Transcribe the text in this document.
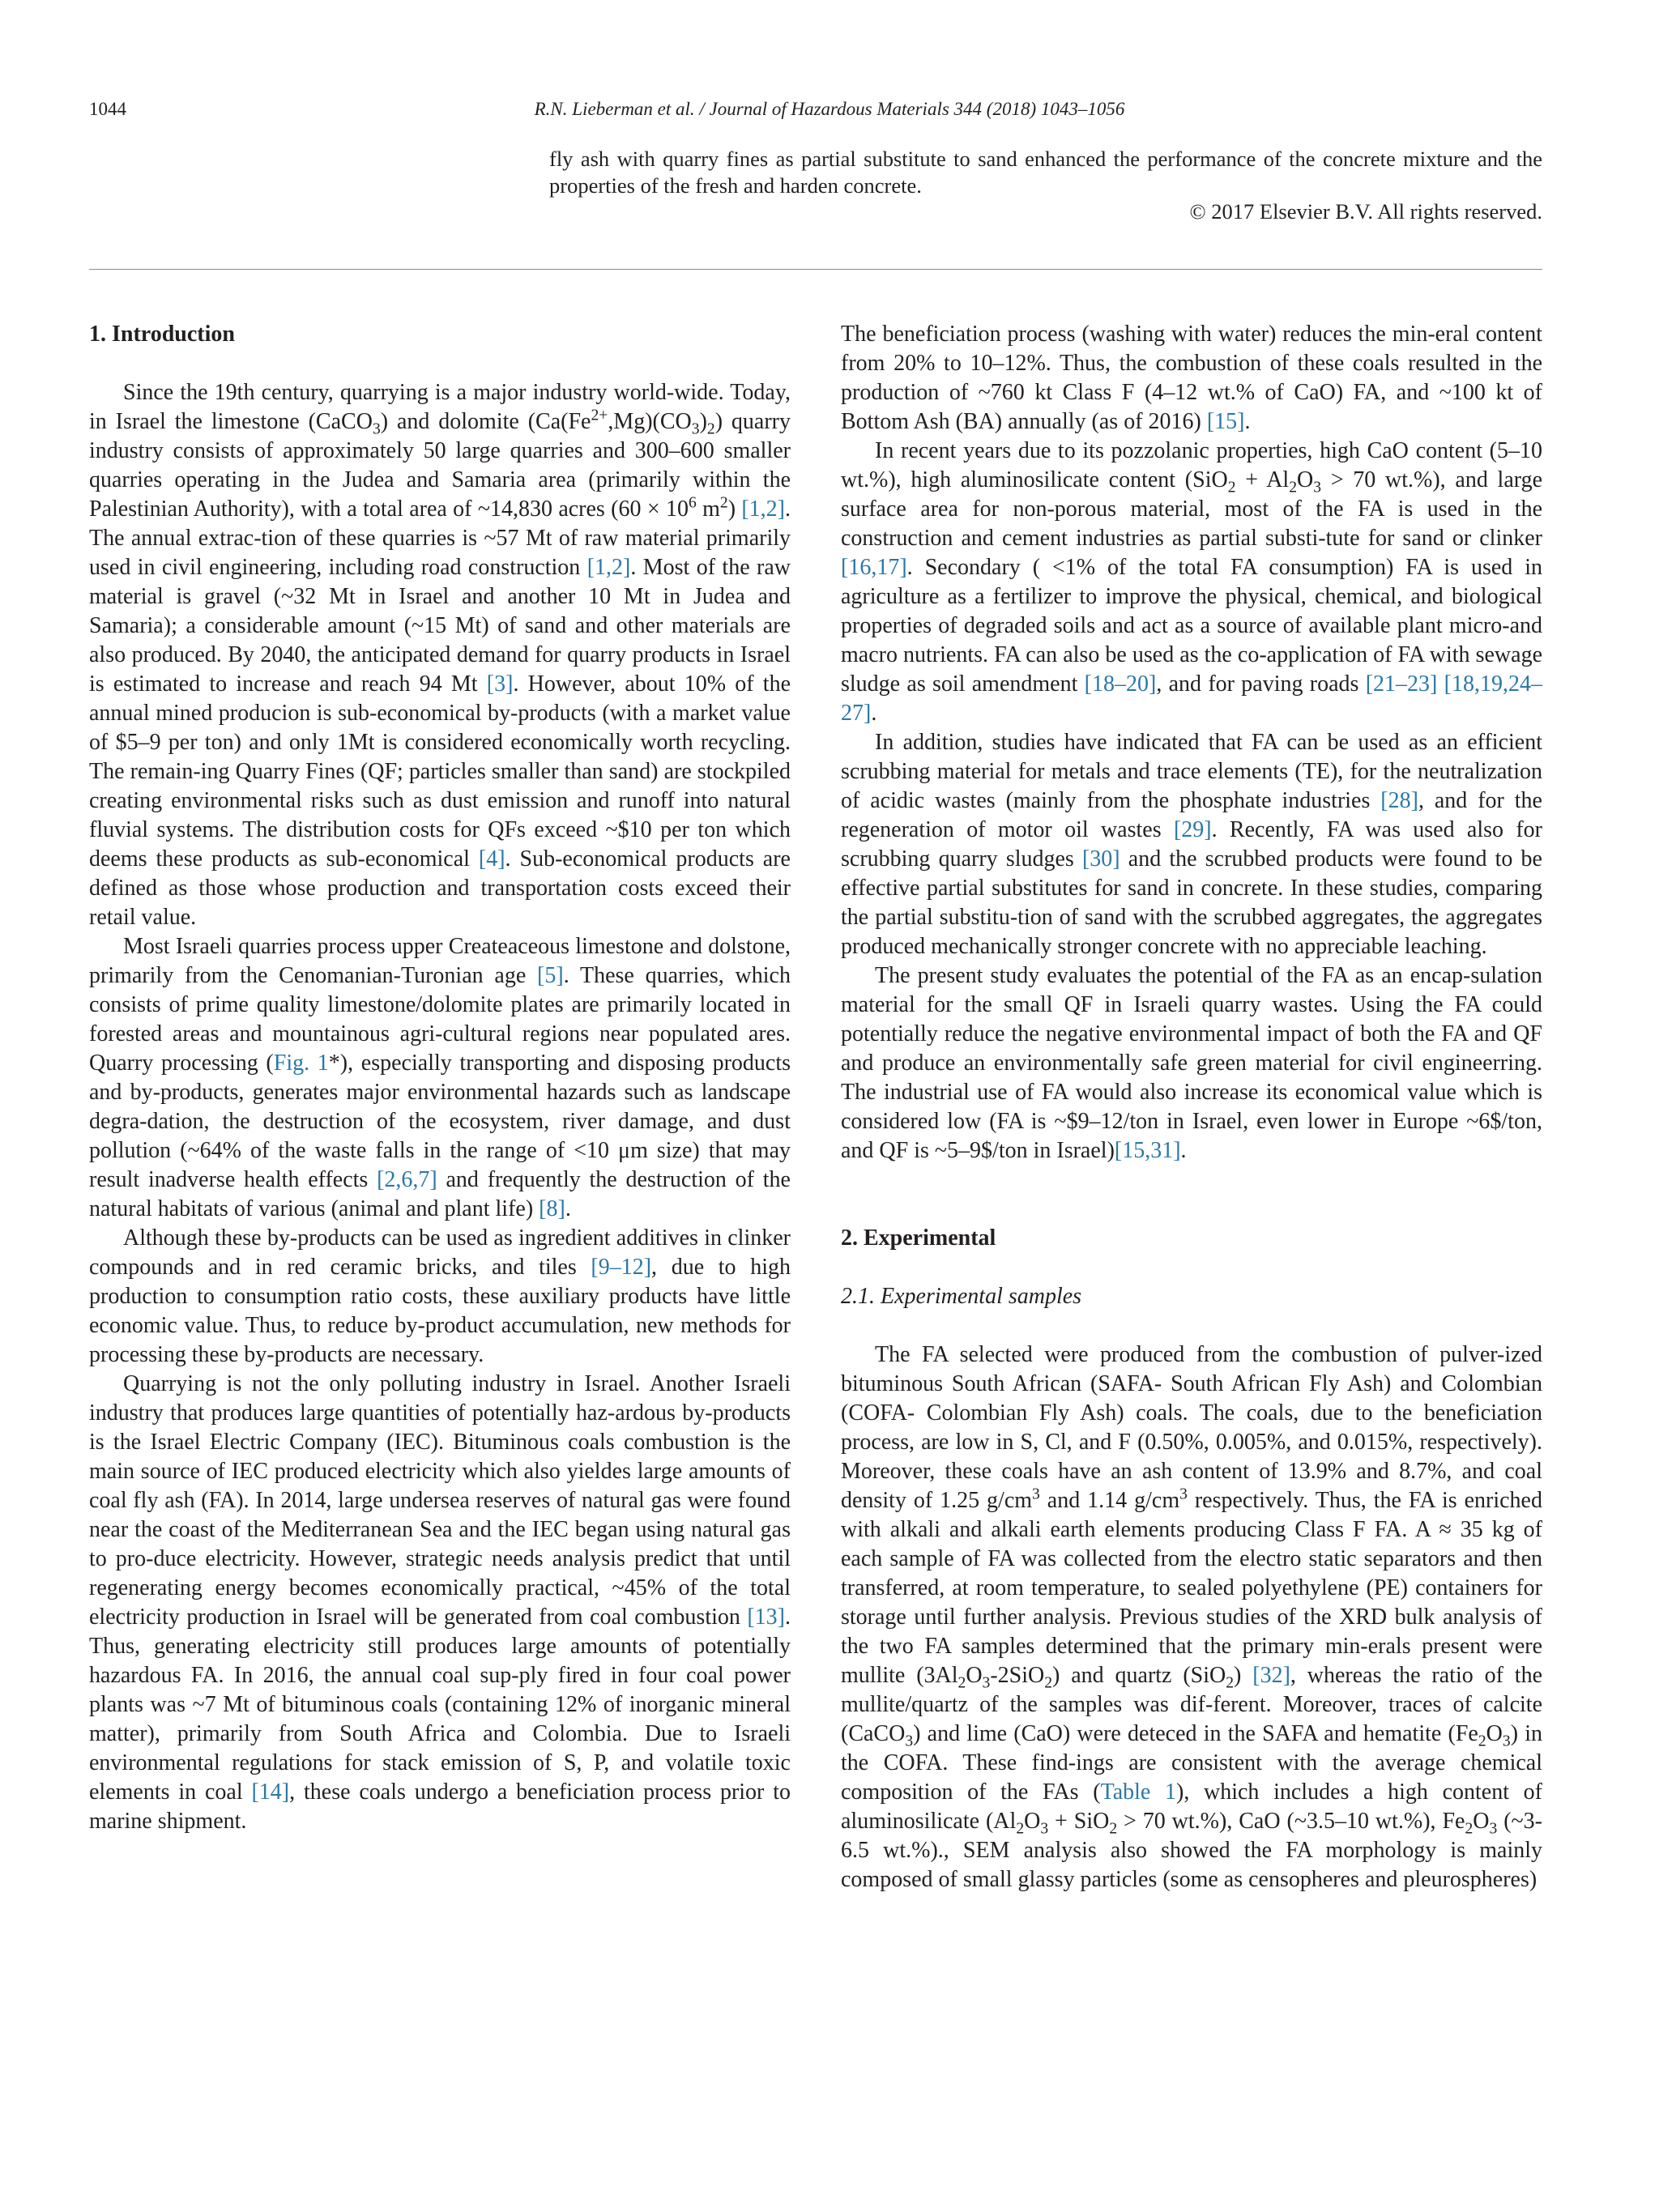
1044	R.N. Lieberman et al. / Journal of Hazardous Materials 344 (2018) 1043–1056
fly ash with quarry fines as partial substitute to sand enhanced the performance of the concrete mixture and the properties of the fresh and harden concrete.
© 2017 Elsevier B.V. All rights reserved.
1. Introduction

Since the 19th century, quarrying is a major industry world-wide. Today, in Israel the limestone (CaCO$_3$) and dolomite $(Ca(Fe^{2+},Mg)(CO_3)_2)$ quarry industry consists of approximately 50 large quarries and 300–600 smaller quarries operating in the Judea and Samaria area (primarily within the Palestinian Authority), with a total area of ~14,830 acres ($60 \times 10^6$ $m^2$) [1,2]. The annual extrac-tion of these quarries is ~57 Mt of raw material primarily used in civil engineering, including road construction [1,2]. Most of the raw material is gravel (~32 Mt in Israel and another 10 Mt in Judea and Samaria); a considerable amount (~15 Mt) of sand and other materials are also produced. By 2040, the anticipated demand for quarry products in Israel is estimated to increase and reach 94 Mt [3]. However, about 10% of the annual mined producion is sub-economical by-products (with a market value of $5–9 per ton) and only 1Mt is considered economically worth recycling. The remain-ing Quarry Fines (QF; particles smaller than sand) are stockpiled creating environmental risks such as dust emission and runoff into natural fluvial systems. The distribution costs for QFs exceed ~$10 per ton which deems these products as sub-economical [4]. Sub-economical products are defined as those whose production and transportation costs exceed their retail value.

Most Israeli quarries process upper Createaceous limestone and dolstone, primarily from the Cenomanian-Turonian age [5]. These quarries, which consists of prime quality limestone/dolomite plates are primarily located in forested areas and mountainous agri-cultural regions near populated ares. Quarry processing (Fig. 1*), especially transporting and disposing products and by-products, generates major environmental hazards such as landscape degra-dation, the destruction of the ecosystem, river damage, and dust pollution (~64% of the waste falls in the range of <10 μm size) that may result inadverse health effects [2,6,7] and frequently the destruction of the natural habitats of various (animal and plant life) [8].

Although these by-products can be used as ingredient additives in clinker compounds and in red ceramic bricks, and tiles [9–12], due to high production to consumption ratio costs, these auxiliary products have little economic value. Thus, to reduce by-product accumulation, new methods for processing these by-products are necessary.

Quarrying is not the only polluting industry in Israel. Another Israeli industry that produces large quantities of potentially haz-ardous by-products is the Israel Electric Company (IEC). Bituminous coals combustion is the main source of IEC produced electricity which also yieldes large amounts of coal fly ash (FA). In 2014, large undersea reserves of natural gas were found near the coast of the Mediterranean Sea and the IEC began using natural gas to pro-duce electricity. However, strategic needs analysis predict that until regenerating energy becomes economically practical, ~45% of the total electricity production in Israel will be generated from coal combustion [13]. Thus, generating electricity still produces large amounts of potentially hazardous FA. In 2016, the annual coal sup-ply fired in four coal power plants was ~7 Mt of bituminous coals (containing 12% of inorganic mineral matter), primarily from South Africa and Colombia. Due to Israeli environmental regulations for stack emission of S, P, and volatile toxic elements in coal [14], these coals undergo a beneficiation process prior to marine shipment.

The beneficiation process (washing with water) reduces the min-eral content from 20% to 10–12%. Thus, the combustion of these coals resulted in the production of ~760 kt Class F (4–12 wt.% of CaO) FA, and ~100 kt of Bottom Ash (BA) annually (as of 2016) [15].

In recent years due to its pozzolanic properties, high CaO content (5–10 wt.%), high aluminosilicate content ($SiO_2 + Al_2O_3 > 70$ wt.%), and large surface area for non-porous material, most of the FA is used in the construction and cement industries as partial substi-tute for sand or clinker [16,17]. Secondary ( <1% of the total FA consumption) FA is used in agriculture as a fertilizer to improve the physical, chemical, and biological properties of degraded soils and act as a source of available plant micro-and macro nutrients. FA can also be used as the co-application of FA with sewage sludge as soil amendment [18–20], and for paving roads [21–23] [18,19,24–27].

In addition, studies have indicated that FA can be used as an efficient scrubbing material for metals and trace elements (TE), for the neutralization of acidic wastes (mainly from the phosphate industries [28], and for the regeneration of motor oil wastes [29]. Recently, FA was used also for scrubbing quarry sludges [30] and the scrubbed products were found to be effective partial substitutes for sand in concrete. In these studies, comparing the partial substitu-tion of sand with the scrubbed aggregates, the aggregates produced mechanically stronger concrete with no appreciable leaching.

The present study evaluates the potential of the FA as an encap-sulation material for the small QF in Israeli quarry wastes. Using the FA could potentially reduce the negative environmental impact of both the FA and QF and produce an environmentally safe green material for civil engineerring. The industrial use of FA would also increase its economical value which is considered low (FA is ~$9–12/ton in Israel, even lower in Europe ~6$/ton, and QF is ~5–9$/ton in Israel)[15,31].

2. Experimental
2.1. Experimental samples

The FA selected were produced from the combustion of pulver-ized bituminous South African (SAFA- South African Fly Ash) and Colombian (COFA- Colombian Fly Ash) coals. The coals, due to the beneficiation process, are low in S, Cl, and F (0.50%, 0.005%, and 0.015%, respectively). Moreover, these coals have an ash content of 13.9% and 8.7%, and coal density of 1.25 $g/cm^3$ and 1.14 $g/cm^3$ respectively. Thus, the FA is enriched with alkali and alkali earth elements producing Class F FA. A ≈ 35 kg of each sample of FA was collected from the electro static separators and then transferred, at room temperature, to sealed polyethylene (PE) containers for storage until further analysis. Previous studies of the XRD bulk analysis of the two FA samples determined that the primary min-erals present were mullite $(3Al_2O_3-2SiO_2)$ and quartz (SiO$_2$) [32], whereas the ratio of the mullite/quartz of the samples was dif-ferent. Moreover, traces of calcite (CaCO$_3$) and lime (CaO) were deteced in the SAFA and hematite $(Fe_2O_3)$ in the COFA. These find-ings are consistent with the average chemical composition of the FAs (Table 1), which includes a high content of aluminosilicate ($Al_2O_3 + SiO_2 > 70$ wt.%), CaO (~3.5–10 wt.%), $Fe_2O_3$ (~3-6.5 wt.%)., SEM analysis also showed the FA morphology is mainly composed of small glassy particles (some as censopheres and pleurospheres)
